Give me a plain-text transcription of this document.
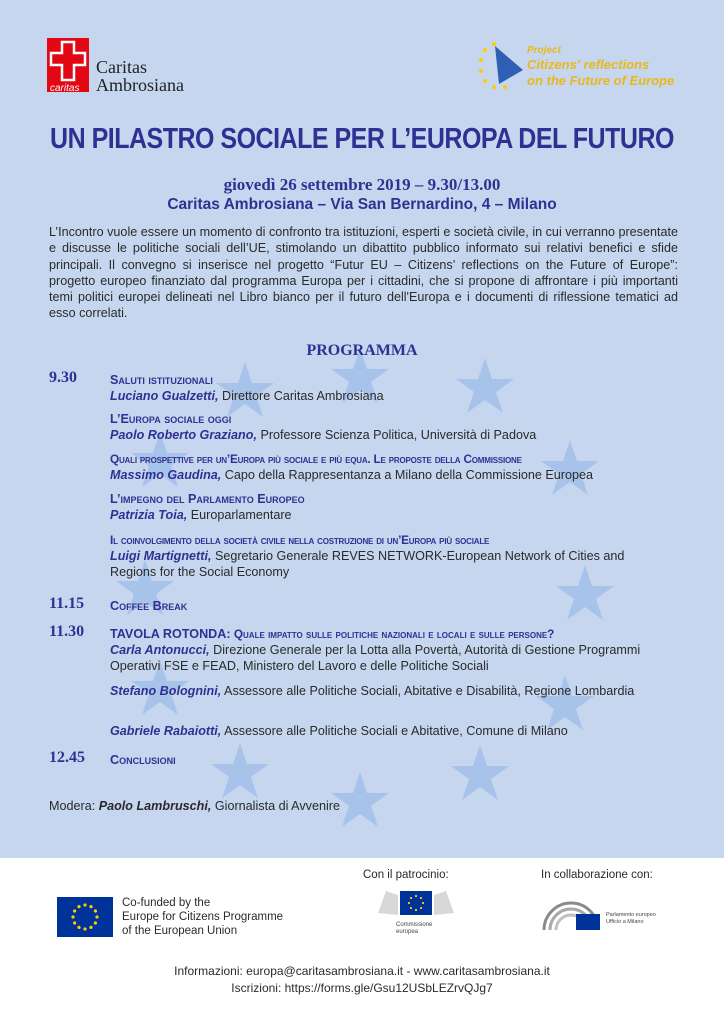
caritas
Caritas
Ambrosiana
Project
Citizens' reflections
on the Future of Europe
UN PILASTRO SOCIALE PER L’EUROPA DEL FUTURO
giovedì 26 settembre 2019 – 9.30/13.00
Caritas Ambrosiana – Via San Bernardino, 4 – Milano
L’Incontro vuole essere un momento di confronto tra istituzioni, esperti e società civile, in cui verranno presentate e discusse le politiche sociali dell’UE, stimolando un dibattito pubblico informato sui relativi benefici e sfide principali. Il convegno si inserisce nel progetto “Futur EU – Citizens’ reflections on the Future of Europe”: progetto europeo finanziato dal programma Europa per i cittadini, che si propone di affrontare i più importanti temi politici europei delineati nel Libro bianco per il futuro dell'Europa e i documenti di riflessione tematici ad esso correlati.
PROGRAMMA
9.30	Saluti istituzionali
Luciano Gualzetti, Direttore Caritas Ambrosiana
L’Europa sociale oggi
Paolo Roberto Graziano, Professore Scienza Politica, Università di Padova
Quali prospettive per un’Europa più sociale e più equa. Le proposte della Commissione
Massimo Gaudina, Capo della Rappresentanza a Milano della Commissione Europea
L’impegno del Parlamento Europeo
Patrizia Toia, Europarlamentare
Il coinvolgimento della società civile nella costruzione di un’Europa più sociale
Luigi Martignetti, Segretario Generale REVES NETWORK-European Network of Cities and Regions for the Social Economy
11.15 Coffee Break
11.30 TAVOLA ROTONDA: Quale impatto sulle politiche nazionali e locali e sulle persone?
Carla Antonucci, Direzione Generale per la Lotta alla Povertà, Autorità di Gestione Programmi Operativi FSE e FEAD, Ministero del Lavoro e delle Politiche Sociali
Stefano Bolognini, Assessore alle Politiche Sociali, Abitative e Disabilità, Regione Lombardia
Gabriele Rabaiotti, Assessore alle Politiche Sociali e Abitative, Comune di Milano
12.45 Conclusioni
Modera: Paolo Lambruschi, Giornalista di Avvenire
Co-funded by the
Europe for Citizens Programme
of the European Union
Con il patrocinio:
Commissione
europea
In collaborazione con:
Parlamento europeo
Ufficio a Milano
Informazioni: europa@caritasambrosiana.it - www.caritasambrosiana.it
Iscrizioni: https://forms.gle/Gsu12USbLEZrvQJg7
